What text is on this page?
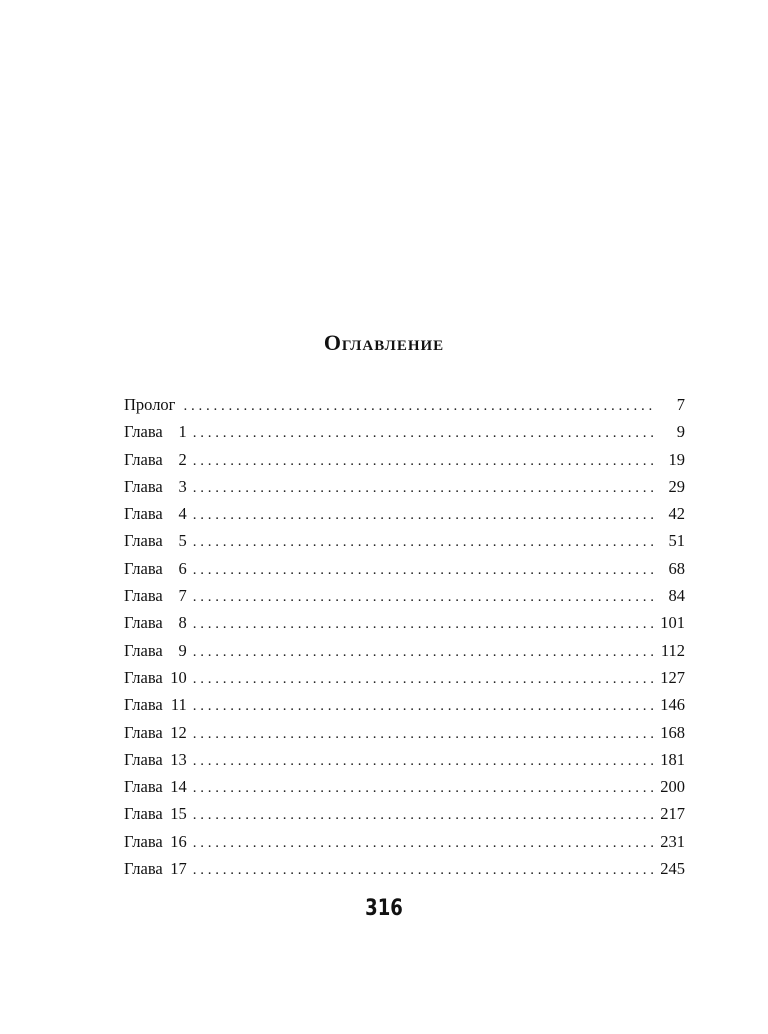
Оглавление
Пролог . . .	7
Глава 1 . . .	9
Глава 2 . . .	19
Глава 3 . . .	29
Глава 4 . . .	42
Глава 5 . . .	51
Глава 6 . . .	68
Глава 7 . . .	84
Глава 8 . . .	101
Глава 9 . . .	112
Глава 10 . . .	127
Глава 11 . . .	146
Глава 12 . . .	168
Глава 13 . . .	181
Глава 14 . . .	200
Глава 15 . . .	217
Глава 16 . . .	231
Глава 17 . . .	245
316
